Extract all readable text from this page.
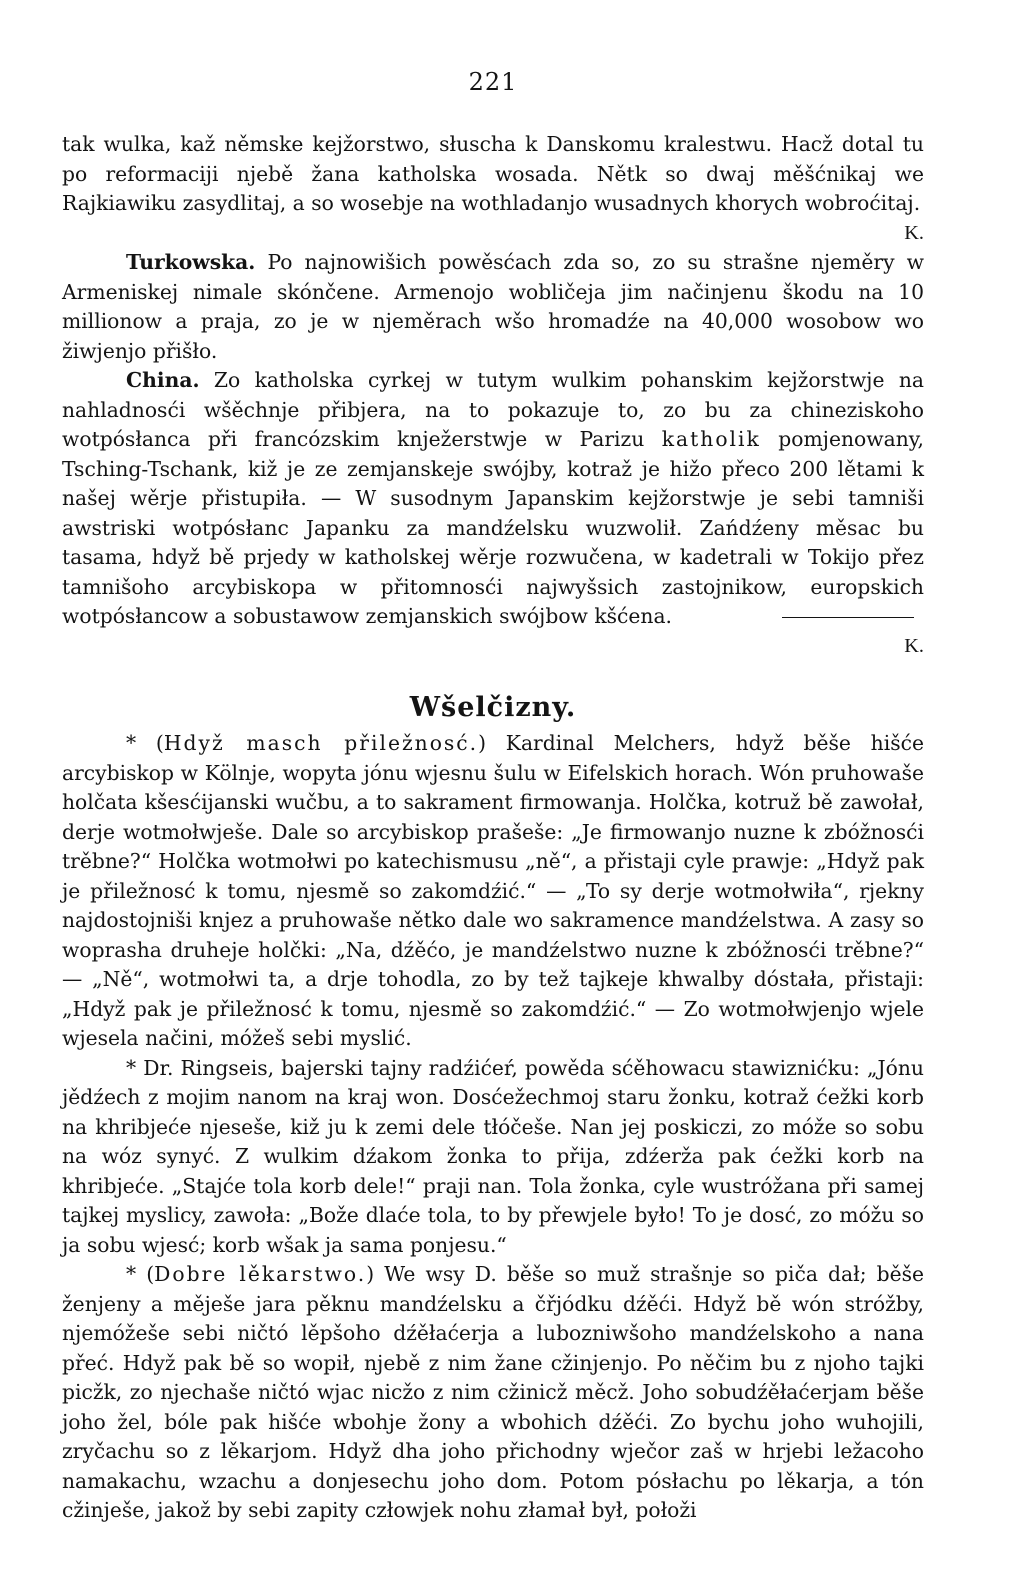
221

tak wulka, kaž němske kejžorstwo, słuscha k Danskomu kralestwu. Hacž dotal tu po reformaciji njebě žana katholska wosada. Nětk so dwaj měšćnikaj we Rajkiawiku zasydlitaj, a so wosebje na wothladanjo wusadnych khorych wobroćitaj.
K.

Turkowska. Po najnowišich powěsćach zda so, zo su strašne njeměry w Armeniskej nimale skónčene. Armenojo wobličeja jim načinjenu škodu na 10 millionow a praja, zo je w njeměrach wšo hromadźe na 40,000 wosobow wo žiwjenjo přišło.

China. Zo katholska cyrkej w tutym wulkim pohanskim kejžorstwje na nahladnosći wšěchnje přibjera, na to pokazuje to, zo bu za chineziskoho wotpósłanca při francózskim knježerstwje w Parizu katholik pomjenowany, Tsching-Tschank, kiž je ze zemjanskeje swójby, kotraž je hižo přeco 200 lětami k našej wěrje přistupiła. — W susodnym Japanskim kejžorstwje je sebi tamniši awstriski wotpósłanc Japanku za mandźelsku wuzwolił. Zańdźeny měsac bu tasama, hdyž bě prjedy w katholskej wěrje rozwučena, w kadetrali w Tokijo přez tamnišoho arcybiskopa w přitomnosći najwyšsich zastojnikow, europskich wotpósłancow a sobustawow zemjanskich swójbow kšćena.
K.

Wšelčizny.

* (Hdyž masch přiležnosć.) Kardinal Melchers, hdyž běše hišće arcybiskop w Kölnje, wopyta jónu wjesnu šulu w Eifelskich horach. Wón pruhowaše holčata kšesćijanski wučbu, a to sakrament firmowanja. Holčka, kotruž bě zawołał, derje wotmołwješe. Dale so arcybiskop prašeše: „Je firmowanjo nuzne k zbóžnosći trěbne?“ Holčka wotmołwi po katechismusu „ně“, a přistaji cyle prawje: „Hdyž pak je přiležnosć k tomu, njesmě so zakomdźić.“ — „To sy derje wotmołwiła“, rjekny najdostojniši knjez a pruhowaše nětko dale wo sakramence mandźelstwa. A zasy so woprasha druheje holčki: „Na, dźěćo, je mandźelstwo nuzne k zbóžnosći trěbne?“ — „Ně“, wotmołwi ta, a drje tohodla, zo by tež tajkeje khwalby dóstała, přistaji: „Hdyž pak je přiležnosć k tomu, njesmě so zakomdźić.“ — Zo wotmołwjenjo wjele wjesela načini, móžeš sebi myslić.

* Dr. Ringseis, bajerski tajny radźićeŕ, powěda sćěhowacu stawiznićku: „Jónu jědźech z mojim nanom na kraj won. Dosćežechmoj staru žonku, kotraž ćežki korb na khribjeće njeseše, kiž ju k zemi dele tłóčeše. Nan jej poskiczi, zo móže so sobu na wóz synyć. Z wulkim dźakom žonka to přija, zdźerža pak ćežki korb na khribjeće. „Stajće tola korb dele!“ praji nan. Tola žonka, cyle wustróžana při samej tajkej myslicy, zawoła: „Bože dlaće tola, to by přewjele było! To je dosć, zo móžu so ja sobu wjesć; korb wšak ja sama ponjesu.“

* (Dobre lěkarstwo.) We wsy D. běše so muž strašnje so piča dał; běše ženjeny a měješe jara pěknu mandźelsku a čřjódku dźěći. Hdyž bě wón stróžby, njemóžeše sebi ničtó lěpšoho dźěłaćerja a lubozniwšoho mandźelskoho a nana přeć. Hdyž pak bě so wopił, njebě z nim žane cžinjenjo. Po něčim bu z njoho tajki picžk, zo njechaše ničtó wjac nicžo z nim cžinicž měcž. Joho sobudźěłaćerjam běše joho žel, bóle pak hišće wbohje žony a wbohich dźěći. Zo bychu joho wuhojili, zryčachu so z lěkarjom. Hdyž dha joho přichodny wječor zaš w hrjebi ležacoho namakachu, wzachu a donjesechu joho dom. Potom pósłachu po lěkarja, a tón cžinješe, jakož by sebi zapity człowjek nohu złamał był, połoži
